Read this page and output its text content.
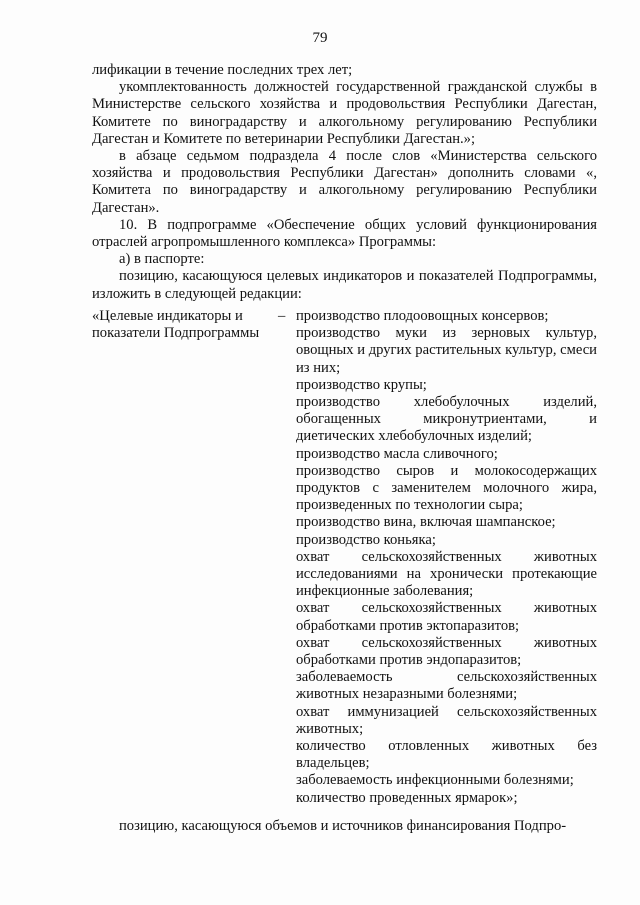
79

лификации в течение последних трех лет;

укомплектованность должностей государственной гражданской службы в Министерстве сельского хозяйства и продовольствия Республики Дагестан, Комитете по виноградарству и алкогольному регулированию Республики Дагестан и Комитете по ветеринарии Республики Дагестан.»;

в абзаце седьмом подраздела 4 после слов «Министерства сельского хозяйства и продовольствия Республики Дагестан» дополнить словами «, Комитета по виноградарству и алкогольному регулированию Республики Дагестан».

10. В подпрограмме «Обеспечение общих условий функционирования отраслей агропромышленного комплекса» Программы:

а) в паспорте:

позицию, касающуюся целевых индикаторов и показателей Подпрограммы, изложить в следующей редакции:

«Целевые индикаторы и показатели Подпрограммы
– производство плодоовощных консервов;
производство муки из зерновых культур, овощных и других растительных культур, смеси из них;
производство крупы;
производство хлебобулочных изделий, обогащенных микронутриентами, и диетических хлебобулочных изделий;
производство масла сливочного;
производство сыров и молокосодержащих продуктов с заменителем молочного жира, произведенных по технологии сыра;
производство вина, включая шампанское;
производство коньяка;
охват сельскохозяйственных животных исследованиями на хронически протекающие инфекционные заболевания;
охват сельскохозяйственных животных обработками против эктопаразитов;
охват сельскохозяйственных животных обработками против эндопаразитов;
заболеваемость сельскохозяйственных животных незаразными болезнями;
охват иммунизацией сельскохозяйственных животных;
количество отловленных животных без владельцев;
заболеваемость инфекционными болезнями;
количество проведенных ярмарок»;
позицию, касающуюся объемов и источников финансирования Подпро-
